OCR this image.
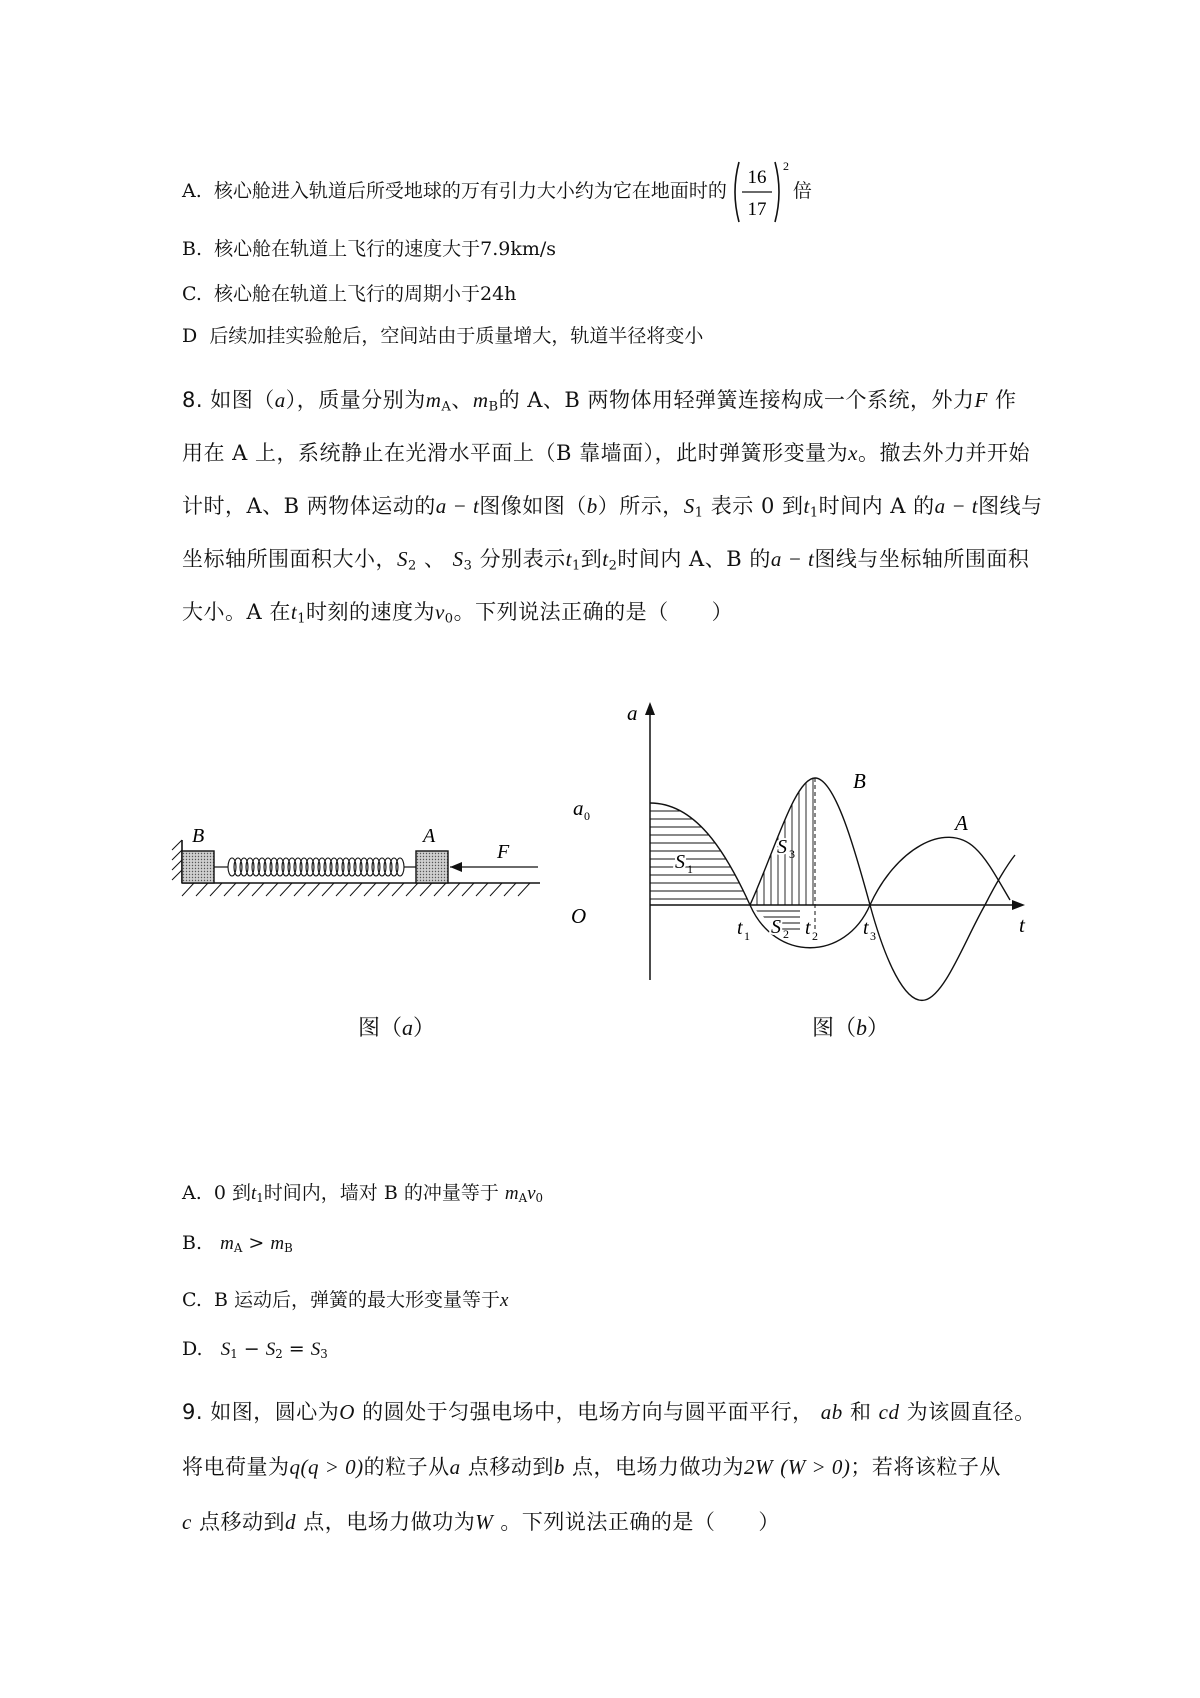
A. 核心舱进入轨道后所受地球的万有引力大小约为它在地面时的
16
17
2
倍
B. 核心舱在轨道上飞行的速度大于7.9km/s
C. 核心舱在轨道上飞行的周期小于24h
D 后续加挂实验舱后，空间站由于质量增大，轨道半径将变小
8. 如图（a），质量分别为$m_A$、$m_B$的 A、B 两物体用轻弹簧连接构成一个系统，外力F 作
用在 A 上，系统静止在光滑水平面上（B 靠墙面），此时弹簧形变量为x。撤去外力并开始
计时，A、B 两物体运动的a − t图像如图（b）所示，$S_1$ 表示 0 到$t_1$时间内 A 的a − t图线与
坐标轴所围面积大小，$S_2$ 、 $S_3$ 分别表示$t_1$到$t_2$时间内 A、B 的a − t图线与坐标轴所围面积
大小。A 在$t_1$时刻的速度为$v_0$。下列说法正确的是（　　）
B	A
F
图（a）
a
t
O
a 0
B
A
S 1
S 3
S 2
t 1	t 2 t 3
图（b）
A. 0 到$t_1$时间内，墙对 B 的冲量等于 $m_Av_0$
B. $m_A > m_B$
C. B 运动后，弹簧的最大形变量等于x
D. $S_1 - S_2 = S_3$
9. 如图，圆心为O 的圆处于匀强电场中，电场方向与圆平面平行， ab 和 cd 为该圆直径。
将电荷量为q(q > 0)的粒子从a 点移动到b 点，电场力做功为2W (W > 0)；若将该粒子从
c 点移动到d 点，电场力做功为W 。下列说法正确的是（　　）
